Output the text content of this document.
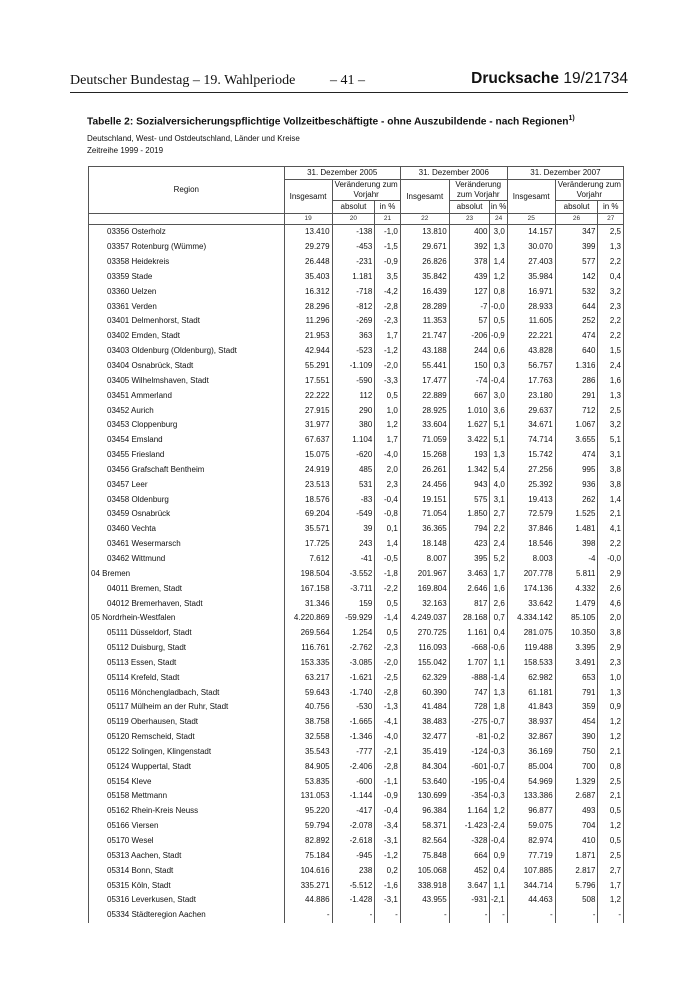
Deutscher Bundestag – 19. Wahlperiode – 41 –	Drucksache 19/21734
Tabelle 2: Sozialversicherungspflichtige Vollzeitbeschäftigte - ohne Auszubildende - nach Regionen$^{1)}$
Deutschland, West- und Ostdeutschland, Länder und Kreise
Zeitreihe 1999 - 2019
Region	31. Dezember 2005			31. Dezember 2006			31. Dezember 2007		
	Insgesamt	Veränderung zum Vorjahr		Insgesamt	Veränderung zum Vorjahr		Insgesamt	Veränderung zum Vorjahr	
		absolut	in %		absolut	in %		absolut	in %
	19	20	21	22	23	24	25	26	27
03356 Osterholz	13.410	-138	-1,0	13.810	400	3,0	14.157	347	2,5
03357 Rotenburg (Wümme)	29.279	-453	-1,5	29.671	392	1,3	30.070	399	1,3
03358 Heidekreis	26.448	-231	-0,9	26.826	378	1,4	27.403	577	2,2
03359 Stade	35.403	1.181	3,5	35.842	439	1,2	35.984	142	0,4
03360 Uelzen	16.312	-718	-4,2	16.439	127	0,8	16.971	532	3,2
03361 Verden	28.296	-812	-2,8	28.289	-7	-0,0	28.933	644	2,3
03401 Delmenhorst, Stadt	11.296	-269	-2,3	11.353	57	0,5	11.605	252	2,2
03402 Emden, Stadt	21.953	363	1,7	21.747	-206	-0,9	22.221	474	2,2
03403 Oldenburg (Oldenburg), Stadt	42.944	-523	-1,2	43.188	244	0,6	43.828	640	1,5
03404 Osnabrück, Stadt	55.291	-1.109	-2,0	55.441	150	0,3	56.757	1.316	2,4
03405 Wilhelmshaven, Stadt	17.551	-590	-3,3	17.477	-74	-0,4	17.763	286	1,6
03451 Ammerland	22.222	112	0,5	22.889	667	3,0	23.180	291	1,3
03452 Aurich	27.915	290	1,0	28.925	1.010	3,6	29.637	712	2,5
03453 Cloppenburg	31.977	380	1,2	33.604	1.627	5,1	34.671	1.067	3,2
03454 Emsland	67.637	1.104	1,7	71.059	3.422	5,1	74.714	3.655	5,1
03455 Friesland	15.075	-620	-4,0	15.268	193	1,3	15.742	474	3,1
03456 Grafschaft Bentheim	24.919	485	2,0	26.261	1.342	5,4	27.256	995	3,8
03457 Leer	23.513	531	2,3	24.456	943	4,0	25.392	936	3,8
03458 Oldenburg	18.576	-83	-0,4	19.151	575	3,1	19.413	262	1,4
03459 Osnabrück	69.204	-549	-0,8	71.054	1.850	2,7	72.579	1.525	2,1
03460 Vechta	35.571	39	0,1	36.365	794	2,2	37.846	1.481	4,1
03461 Wesermarsch	17.725	243	1,4	18.148	423	2,4	18.546	398	2,2
03462 Wittmund	7.612	-41	-0,5	8.007	395	5,2	8.003	-4	-0,0
04 Bremen	198.504	-3.552	-1,8	201.967	3.463	1,7	207.778	5.811	2,9
04011 Bremen, Stadt	167.158	-3.711	-2,2	169.804	2.646	1,6	174.136	4.332	2,6
04012 Bremerhaven, Stadt	31.346	159	0,5	32.163	817	2,6	33.642	1.479	4,6
05 Nordrhein-Westfalen	4.220.869	-59.929	-1,4	4.249.037	28.168	0,7	4.334.142	85.105	2,0
05111 Düsseldorf, Stadt	269.564	1.254	0,5	270.725	1.161	0,4	281.075	10.350	3,8
05112 Duisburg, Stadt	116.761	-2.762	-2,3	116.093	-668	-0,6	119.488	3.395	2,9
05113 Essen, Stadt	153.335	-3.085	-2,0	155.042	1.707	1,1	158.533	3.491	2,3
05114 Krefeld, Stadt	63.217	-1.621	-2,5	62.329	-888	-1,4	62.982	653	1,0
05116 Mönchengladbach, Stadt	59.643	-1.740	-2,8	60.390	747	1,3	61.181	791	1,3
05117 Mülheim an der Ruhr, Stadt	40.756	-530	-1,3	41.484	728	1,8	41.843	359	0,9
05119 Oberhausen, Stadt	38.758	-1.665	-4,1	38.483	-275	-0,7	38.937	454	1,2
05120 Remscheid, Stadt	32.558	-1.346	-4,0	32.477	-81	-0,2	32.867	390	1,2
05122 Solingen, Klingenstadt	35.543	-777	-2,1	35.419	-124	-0,3	36.169	750	2,1
05124 Wuppertal, Stadt	84.905	-2.406	-2,8	84.304	-601	-0,7	85.004	700	0,8
05154 Kleve	53.835	-600	-1,1	53.640	-195	-0,4	54.969	1.329	2,5
05158 Mettmann	131.053	-1.144	-0,9	130.699	-354	-0,3	133.386	2.687	2,1
05162 Rhein-Kreis Neuss	95.220	-417	-0,4	96.384	1.164	1,2	96.877	493	0,5
05166 Viersen	59.794	-2.078	-3,4	58.371	-1.423	-2,4	59.075	704	1,2
05170 Wesel	82.892	-2.618	-3,1	82.564	-328	-0,4	82.974	410	0,5
05313 Aachen, Stadt	75.184	-945	-1,2	75.848	664	0,9	77.719	1.871	2,5
05314 Bonn, Stadt	104.616	238	0,2	105.068	452	0,4	107.885	2.817	2,7
05315 Köln, Stadt	335.271	-5.512	-1,6	338.918	3.647	1,1	344.714	5.796	1,7
05316 Leverkusen, Stadt	44.886	-1.428	-3,1	43.955	-931	-2,1	44.463	508	1,2
05334 Städteregion Aachen	-	-	-	-	-	-	-	-	-
